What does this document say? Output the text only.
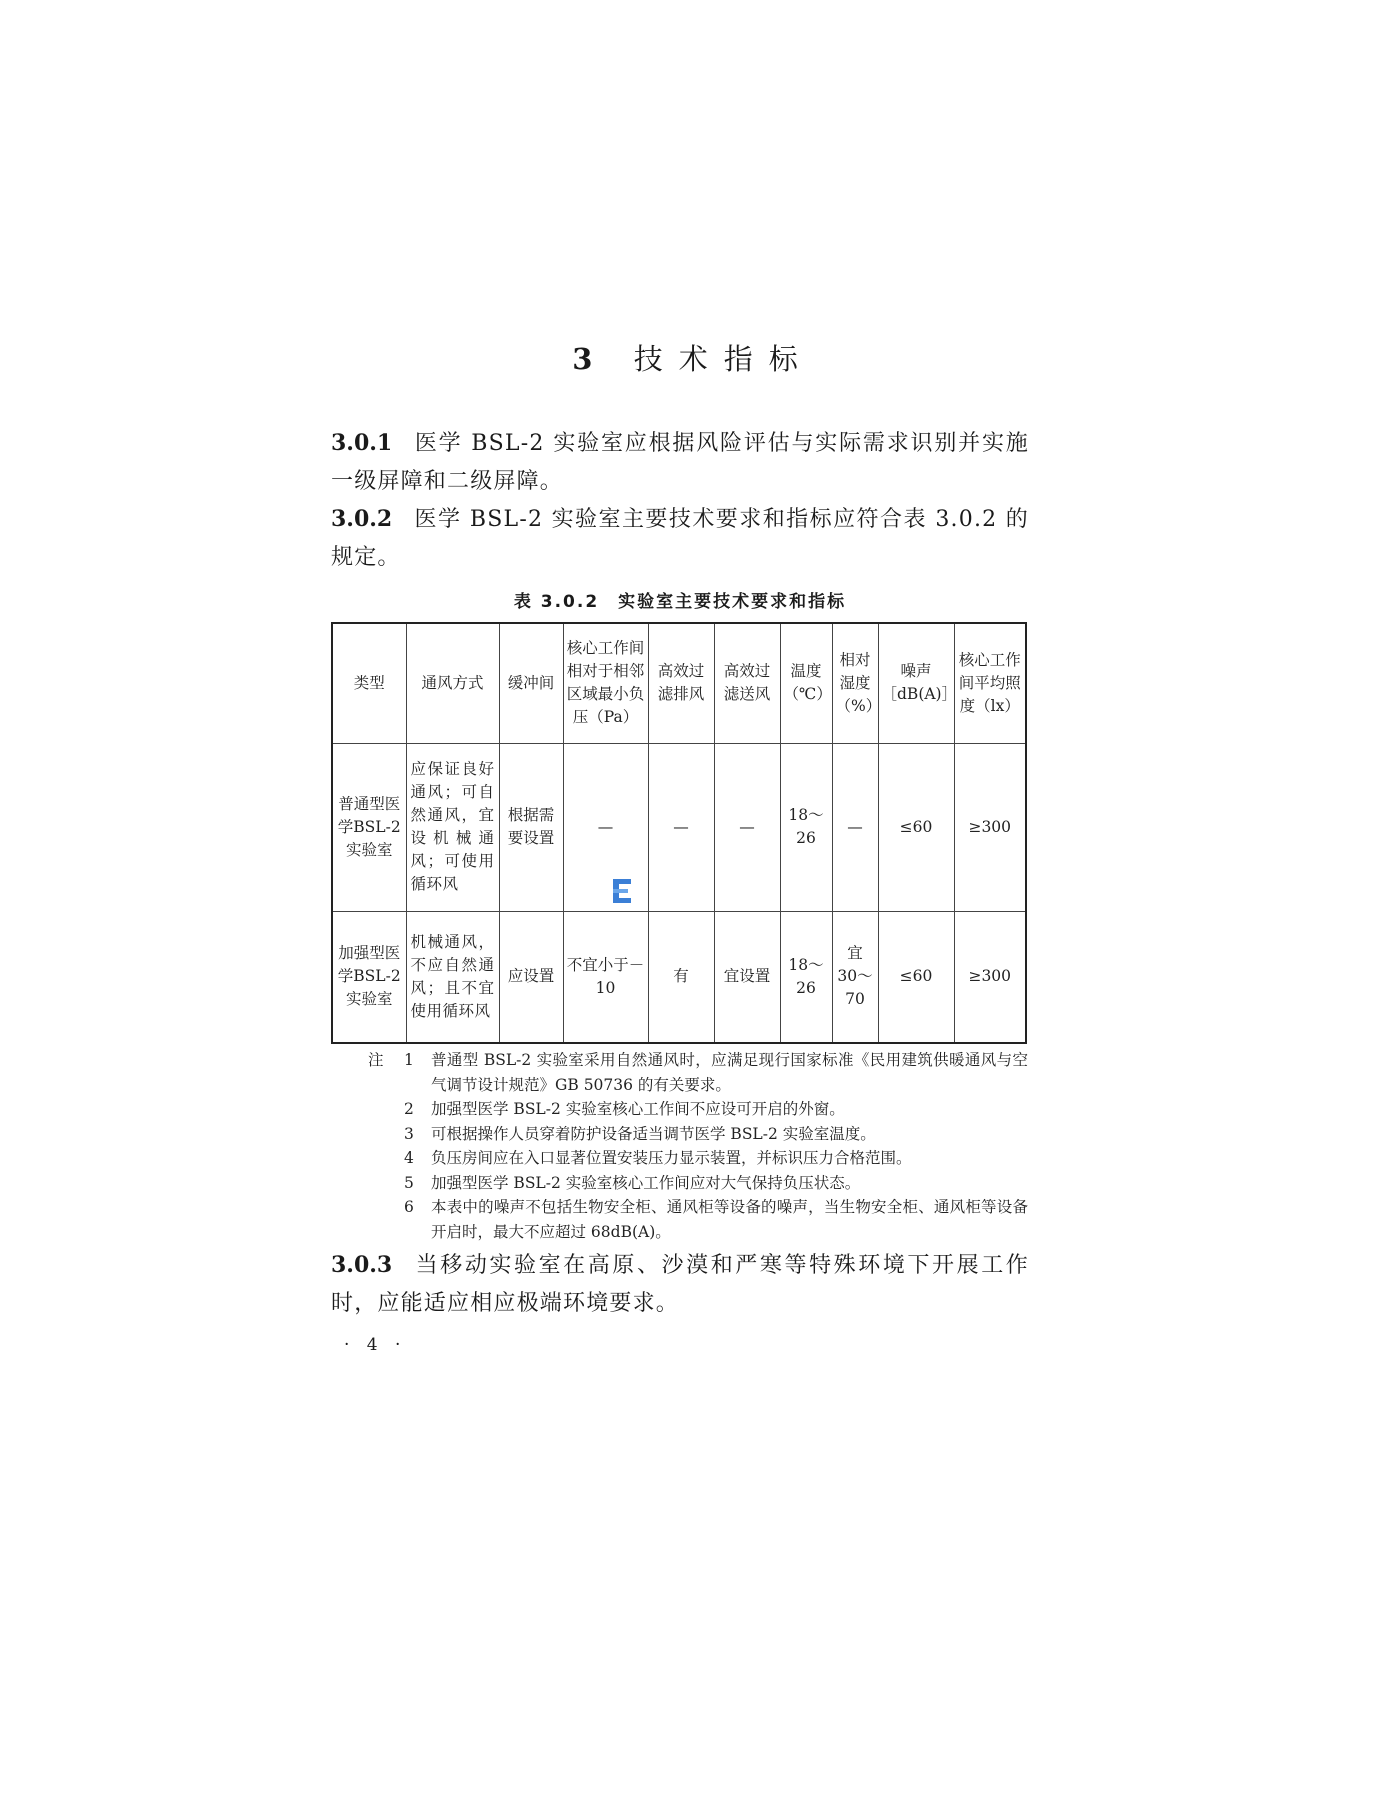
3 技术指标

3.0.1 医学 BSL-2 实验室应根据风险评估与实际需求识别并实施一级屏障和二级屏障。

3.0.2 医学 BSL-2 实验室主要技术要求和指标应符合表 3.0.2 的规定。

表 3.0.2　实验室主要技术要求和指标
类型	通风方式	缓冲间	核心工作间相对于相邻区域最小负压（Pa）	高效过滤排风	高效过滤送风	温度（℃）	相对湿度（%）	噪声［dB(A)］	核心工作间平均照度（lx）
普通型医学BSL-2实验室	应保证良好通风；可自然通风，宜设机械通风；可使用循环风	根据需要设置	—	—	—	18～26	—	≤60	≥300
加强型医学BSL-2实验室	机械通风，不应自然通风；且不宜使用循环风	应设置	不宜小于－10	有	宜设置	18～26	宜 30～70	≤60	≥300
注	1	普通型 BSL-2 实验室采用自然通风时，应满足现行国家标准《民用建筑供暖通风与空气调节设计规范》GB 50736 的有关要求。
2	加强型医学 BSL-2 实验室核心工作间不应设可开启的外窗。
3	可根据操作人员穿着防护设备适当调节医学 BSL-2 实验室温度。
4	负压房间应在入口显著位置安装压力显示装置，并标识压力合格范围。
5	加强型医学 BSL-2 实验室核心工作间应对大气保持负压状态。
6	本表中的噪声不包括生物安全柜、通风柜等设备的噪声，当生物安全柜、通风柜等设备开启时，最大不应超过 68dB(A)。

3.0.3 当移动实验室在高原、沙漠和严寒等特殊环境下开展工作时，应能适应相应极端环境要求。

· 4 ·
